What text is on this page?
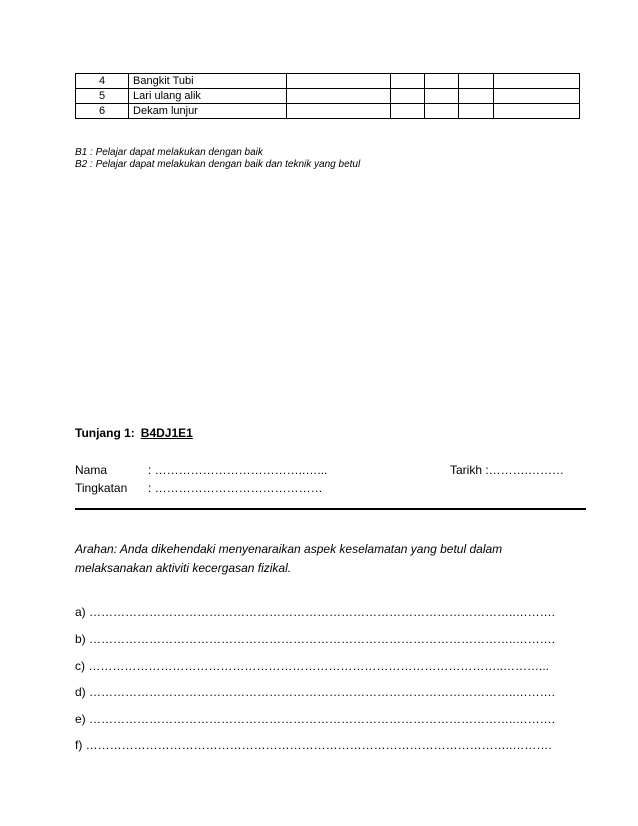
4	Bangkit Tubi					
5	Lari ulang alik					
6	Dekam lunjur					
B1 : Pelajar dapat melakukan dengan baik
B2 : Pelajar dapat melakukan dengan baik dan teknik yang betul
Tunjang 1: B4DJ1E1
Nama	: ………………………………..…...	Tarikh :……….………
Tingkatan : ……………………………………
Arahan: Anda dikehendaki menyenaraikan aspek keselamatan yang betul dalam melaksanakan aktiviti kecergasan fizikal.
a) ……………………………………………………………………………………………..……….
b) ……………………………………………………………………………………………..……….
c) …………………………………………………………………………………………..………...
d) ……………………………………………………………………………………………..……….
e) ……………………………………………………………………………………………..……….
f) ……………………………………………………………………………………………..……….
